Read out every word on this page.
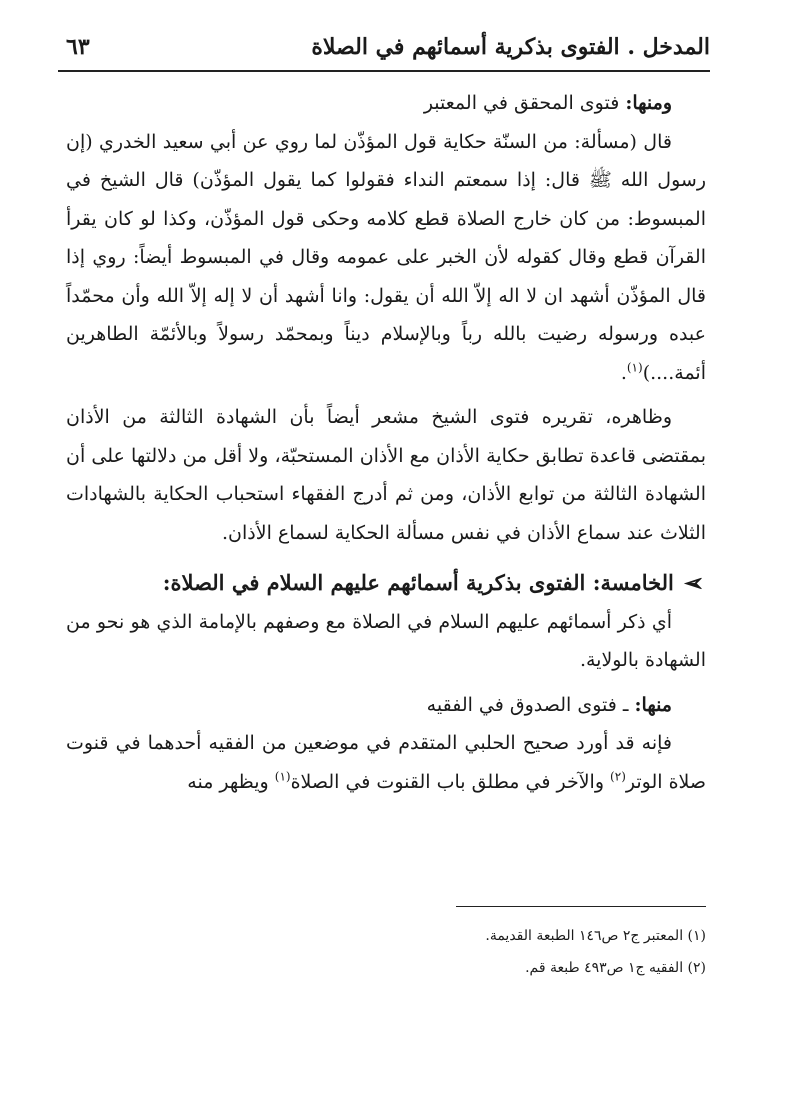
المدخل . الفتوى بذكرية أسمائهم في الصلاة
٦٣

ومنها: فتوى المحقق في المعتبر

قال (مسألة: من السنّة حكاية قول المؤذّن لما روي عن أبي سعيد الخدري (إن رسول الله ﷺ قال: إذا سمعتم النداء فقولوا كما يقول المؤذّن) قال الشيخ في المبسوط: من كان خارج الصلاة قطع كلامه وحكى قول المؤذّن، وكذا لو كان يقرأ القرآن قطع وقال كقوله لأن الخبر على عمومه وقال في المبسوط أيضاً: روي إذا قال المؤذّن أشهد ان لا اله إلاّ الله أن يقول: وانا أشهد أن لا إله إلاّ الله وأن محمّداً عبده ورسوله رضيت بالله رباً وبالإسلام ديناً وبمحمّد رسولاً وبالأئمّة الطاهرين أئمة....)$^{(١)}$.

وظاهره، تقريره فتوى الشيخ مشعر أيضاً بأن الشهادة الثالثة من الأذان بمقتضى قاعدة تطابق حكاية الأذان مع الأذان المستحبّة، ولا أقل من دلالتها على أن الشهادة الثالثة من توابع الأذان، ومن ثم أدرج الفقهاء استحباب الحكاية بالشهادات الثلاث عند سماع الأذان في نفس مسألة الحكاية لسماع الأذان.

➢
الخامسة: الفتوى بذكرية أسمائهم عليهم السلام في الصلاة:

أي ذكر أسمائهم عليهم السلام في الصلاة مع وصفهم بالإمامة الذي هو نحو من الشهادة بالولاية.

منها: ـ فتوى الصدوق في الفقيه

فإنه قد أورد صحيح الحلبي المتقدم في موضعين من الفقيه أحدهما في قنوت صلاة الوتر$^{(٢)}$ والآخر في مطلق باب القنوت في الصلاة$^{(١)}$ ويظهر منه

(١) المعتبر ج٢ ص١٤٦ الطبعة القديمة.
(٢) الفقيه ج١ ص٤٩٣ طبعة قم.
